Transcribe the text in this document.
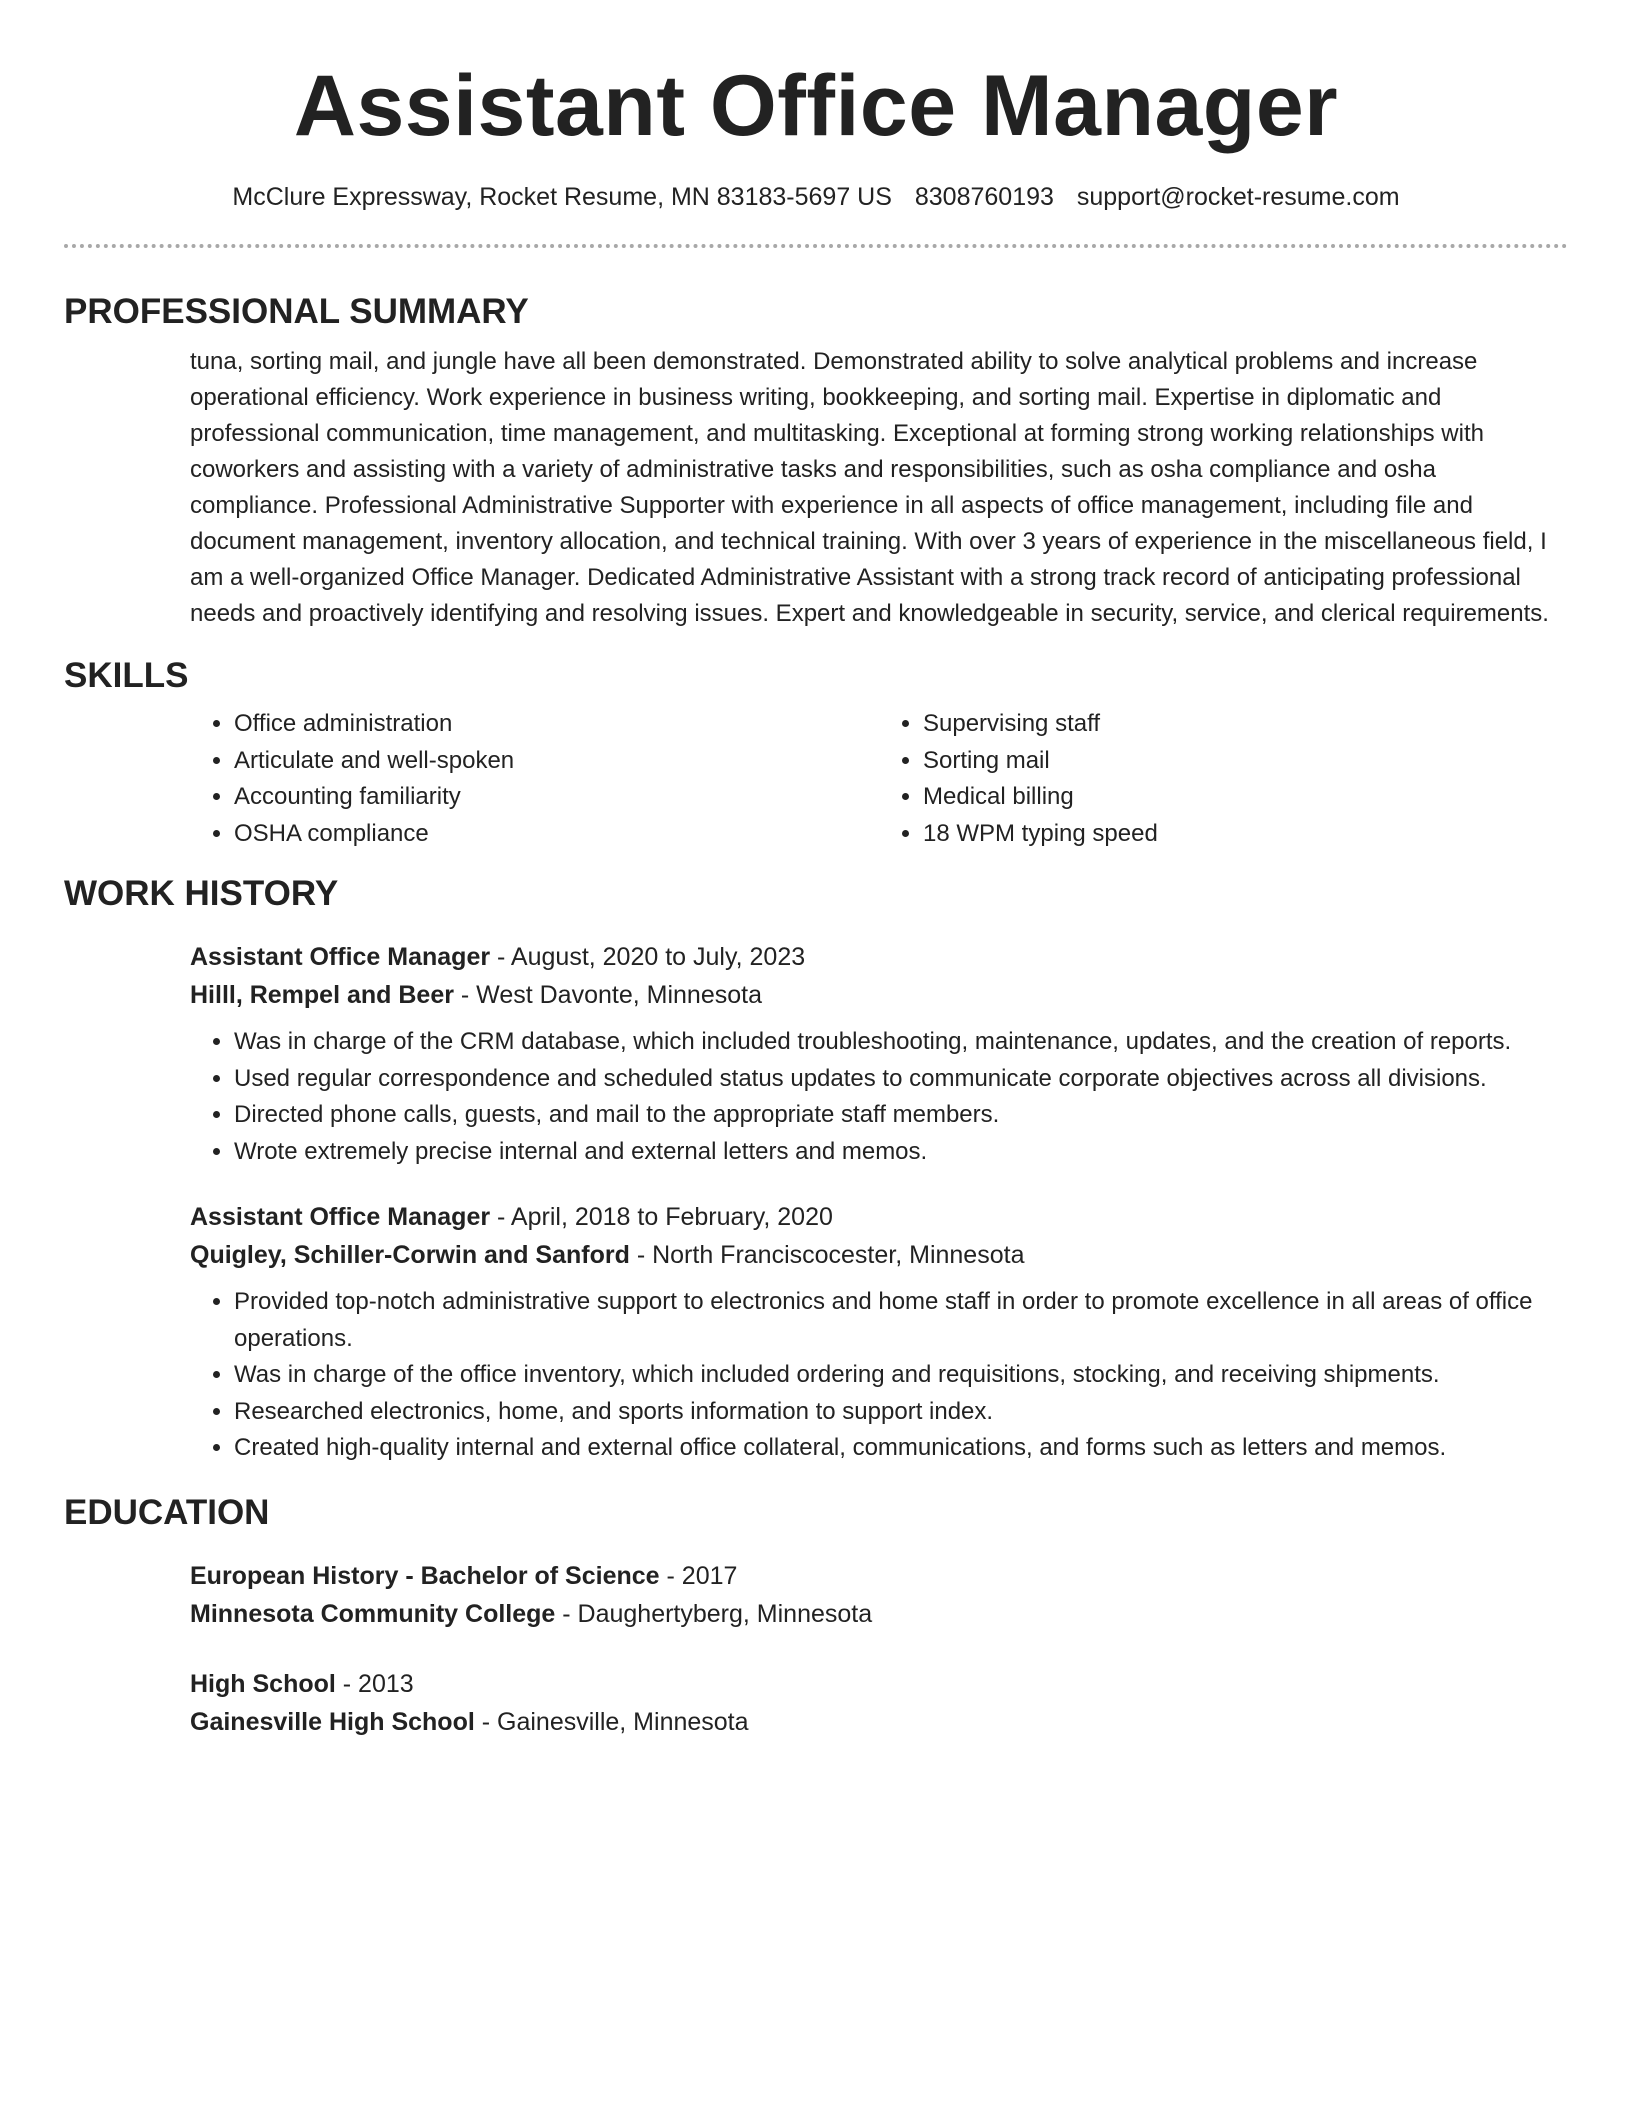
Assistant Office Manager
McClure Expressway, Rocket Resume, MN 83183-5697 US 8308760193 support@rocket-resume.com
PROFESSIONAL SUMMARY
tuna, sorting mail, and jungle have all been demonstrated. Demonstrated ability to solve analytical problems and increase operational efficiency. Work experience in business writing, bookkeeping, and sorting mail. Expertise in diplomatic and professional communication, time management, and multitasking. Exceptional at forming strong working relationships with coworkers and assisting with a variety of administrative tasks and responsibilities, such as osha compliance and osha compliance. Professional Administrative Supporter with experience in all aspects of office management, including file and document management, inventory allocation, and technical training. With over 3 years of experience in the miscellaneous field, I am a well-organized Office Manager. Dedicated Administrative Assistant with a strong track record of anticipating professional needs and proactively identifying and resolving issues. Expert and knowledgeable in security, service, and clerical requirements.
SKILLS
• Office administration
• Articulate and well-spoken
• Accounting familiarity
• OSHA compliance
• Supervising staff
• Sorting mail
• Medical billing
• 18 WPM typing speed
WORK HISTORY
Assistant Office Manager - August, 2020 to July, 2023
Hilll, Rempel and Beer - West Davonte, Minnesota
• Was in charge of the CRM database, which included troubleshooting, maintenance, updates, and the creation of reports.
• Used regular correspondence and scheduled status updates to communicate corporate objectives across all divisions.
• Directed phone calls, guests, and mail to the appropriate staff members.
• Wrote extremely precise internal and external letters and memos.
Assistant Office Manager - April, 2018 to February, 2020
Quigley, Schiller-Corwin and Sanford - North Franciscocester, Minnesota
• Provided top-notch administrative support to electronics and home staff in order to promote excellence in all areas of office operations.
• Was in charge of the office inventory, which included ordering and requisitions, stocking, and receiving shipments.
• Researched electronics, home, and sports information to support index.
• Created high-quality internal and external office collateral, communications, and forms such as letters and memos.
EDUCATION
European History - Bachelor of Science - 2017
Minnesota Community College - Daughertyberg, Minnesota
High School - 2013
Gainesville High School - Gainesville, Minnesota
